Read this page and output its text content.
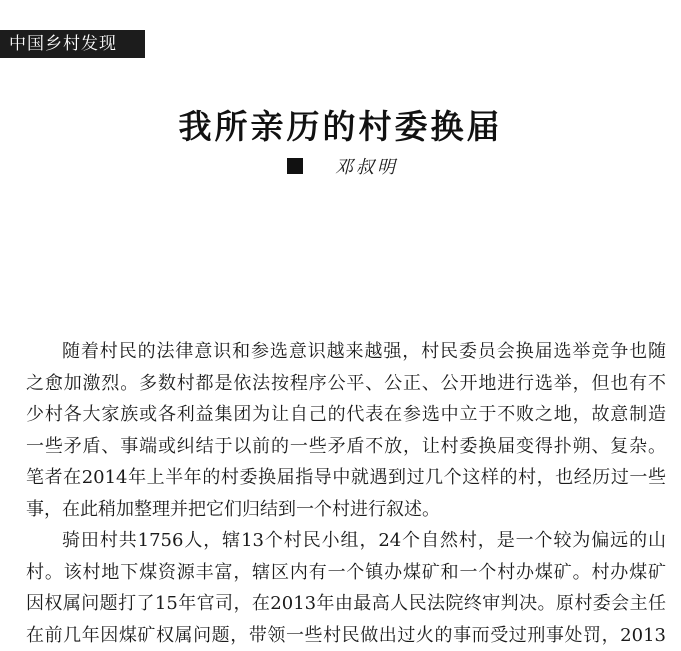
中国乡村发现
我所亲历的村委换届
邓叔明

随着村民的法律意识和参选意识越来越强，村民委员会换届选举竞争也随
之愈加激烈。多数村都是依法按程序公平、公正、公开地进行选举，但也有不
少村各大家族或各利益集团为让自己的代表在参选中立于不败之地，故意制造
一些矛盾、事端或纠结于以前的一些矛盾不放，让村委换届变得扑朔、复杂。
笔者在2014年上半年的村委换届指导中就遇到过几个这样的村，也经历过一些
事，在此稍加整理并把它们归结到一个村进行叙述。

骑田村共1756人，辖13个村民小组，24个自然村，是一个较为偏远的山
村。该村地下煤资源丰富，辖区内有一个镇办煤矿和一个村办煤矿。村办煤矿
因权属问题打了15年官司，在2013年由最高人民法院终审判决。原村委会主任
在前几年因煤矿权属问题，带领一些村民做出过火的事而受过刑事处罚，2013
